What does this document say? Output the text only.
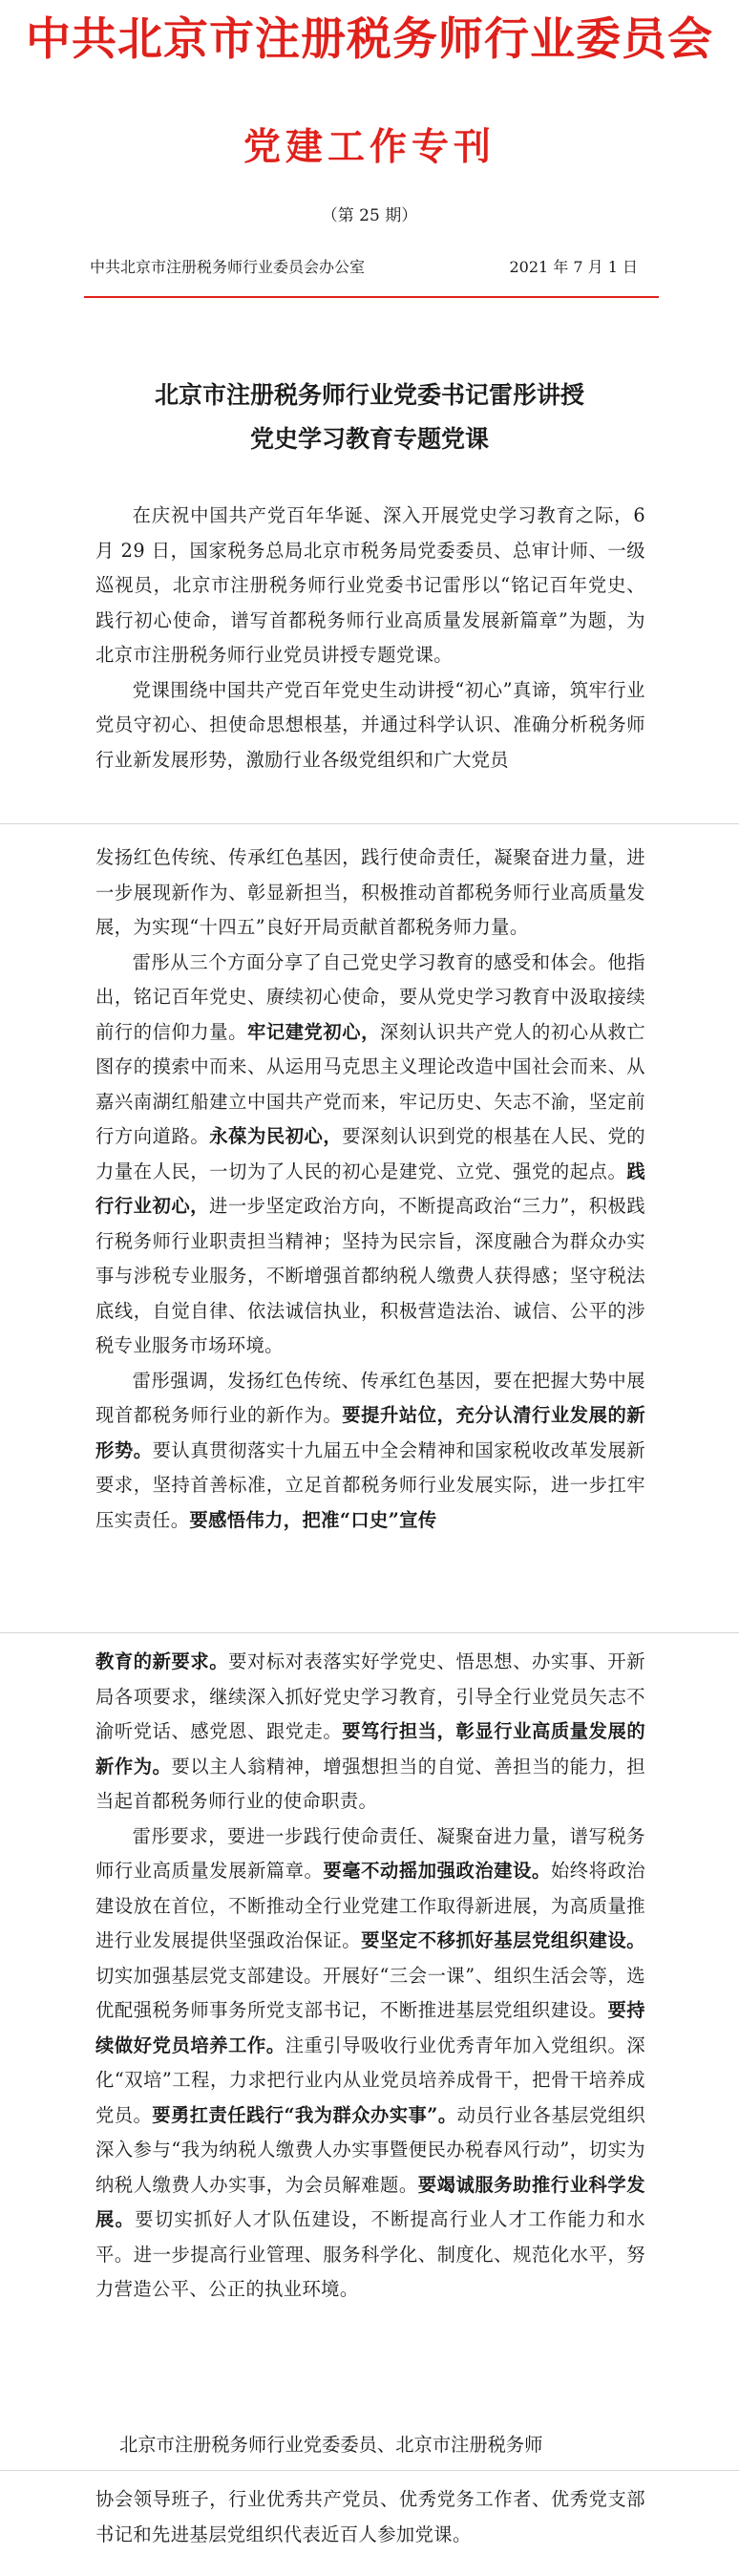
中共北京市注册税务师行业委员会
党建工作专刊
（第 25 期）
中共北京市注册税务师行业委员会办公室	2021 年 7 月 1 日
北京市注册税务师行业党委书记雷彤讲授
党史学习教育专题党课

在庆祝中国共产党百年华诞、深入开展党史学习教育之际，6 月 29 日，国家税务总局北京市税务局党委委员、总审计师、一级巡视员，北京市注册税务师行业党委书记雷彤以“铭记百年党史、践行初心使命，谱写首都税务师行业高质量发展新篇章”为题，为北京市注册税务师行业党员讲授专题党课。

党课围绕中国共产党百年党史生动讲授“初心”真谛，筑牢行业党员守初心、担使命思想根基，并通过科学认识、准确分析税务师行业新发展形势，激励行业各级党组织和广大党员

发扬红色传统、传承红色基因，践行使命责任，凝聚奋进力量，进一步展现新作为、彰显新担当，积极推动首都税务师行业高质量发展，为实现“十四五”良好开局贡献首都税务师力量。

雷彤从三个方面分享了自己党史学习教育的感受和体会。他指出，铭记百年党史、赓续初心使命，要从党史学习教育中汲取接续前行的信仰力量。牢记建党初心，深刻认识共产党人的初心从救亡图存的摸索中而来、从运用马克思主义理论改造中国社会而来、从嘉兴南湖红船建立中国共产党而来，牢记历史、矢志不渝，坚定前行方向道路。永葆为民初心，要深刻认识到党的根基在人民、党的力量在人民，一切为了人民的初心是建党、立党、强党的起点。践行行业初心，进一步坚定政治方向，不断提高政治“三力”，积极践行税务师行业职责担当精神；坚持为民宗旨，深度融合为群众办实事与涉税专业服务，不断增强首都纳税人缴费人获得感；坚守税法底线，自觉自律、依法诚信执业，积极营造法治、诚信、公平的涉税专业服务市场环境。

雷彤强调，发扬红色传统、传承红色基因，要在把握大势中展现首都税务师行业的新作为。要提升站位，充分认清行业发展的新形势。要认真贯彻落实十九届五中全会精神和国家税收改革发展新要求，坚持首善标准，立足首都税务师行业发展实际，进一步扛牢压实责任。要感悟伟力，把准“口史”宣传

教育的新要求。要对标对表落实好学党史、悟思想、办实事、开新局各项要求，继续深入抓好党史学习教育，引导全行业党员矢志不渝听党话、感党恩、跟党走。要笃行担当，彰显行业高质量发展的新作为。要以主人翁精神，增强想担当的自觉、善担当的能力，担当起首都税务师行业的使命职责。

雷彤要求，要进一步践行使命责任、凝聚奋进力量，谱写税务师行业高质量发展新篇章。要毫不动摇加强政治建设。始终将政治建设放在首位，不断推动全行业党建工作取得新进展，为高质量推进行业发展提供坚强政治保证。要坚定不移抓好基层党组织建设。切实加强基层党支部建设。开展好“三会一课”、组织生活会等，选优配强税务师事务所党支部书记，不断推进基层党组织建设。要持续做好党员培养工作。注重引导吸收行业优秀青年加入党组织。深化“双培”工程，力求把行业内从业党员培养成骨干，把骨干培养成党员。要勇扛责任践行“我为群众办实事”。动员行业各基层党组织深入参与“我为纳税人缴费人办实事暨便民办税春风行动”，切实为纳税人缴费人办实事，为会员解难题。要竭诚服务助推行业科学发展。要切实抓好人才队伍建设，不断提高行业人才工作能力和水平。进一步提高行业管理、服务科学化、制度化、规范化水平，努力营造公平、公正的执业环境。

北京市注册税务师行业党委委员、北京市注册税务师

协会领导班子，行业优秀共产党员、优秀党务工作者、优秀党支部书记和先进基层党组织代表近百人参加党课。
